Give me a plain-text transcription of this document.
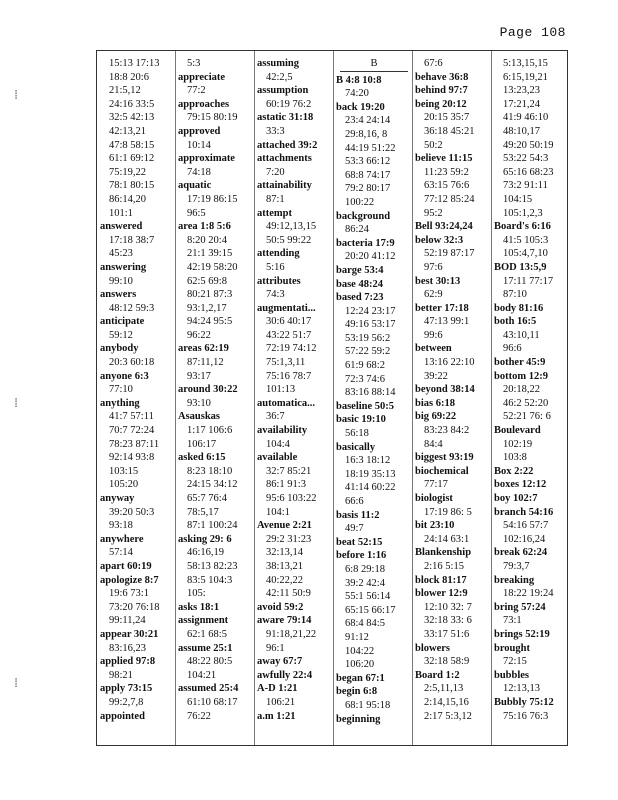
Page 108
⁞
⁞
⁞
15:13 17:13
18:8 20:6
21:5,12
24:16 33:5
32:5 42:13
42:13,21
47:8 58:15
61:1 69:12
75:19,22
78:1 80:15
86:14,20
101:1
answered
17:18 38:7
45:23
answering
99:10
answers
48:12 59:3
anticipate
59:12
anybody
20:3 60:18
anyone 6:3
77:10
anything
41:7 57:11
70:7 72:24
78:23 87:11
92:14 93:8
103:15
105:20
anyway
39:20 50:3
93:18
anywhere
57:14
apart 60:19
apologize 8:7
19:6 73:1
73:20 76:18
99:11,24
appear 30:21
83:16,23
applied 97:8
98:21
apply 73:15
99:2,7,8
appointed
5:3
appreciate
77:2
approaches
79:15 80:19
approved
10:14
approximate
74:18
aquatic
17:19 86:15
96:5
area 1:8 5:6
8:20 20:4
21:1 39:15
42:19 58:20
62:5 69:8
80:21 87:3
93:1,2,17
94:24 95:5
96:22
areas 62:19
87:11,12
93:17
around 30:22
93:10
Asauskas
1:17 106:6
106:17
asked 6:15
8:23 18:10
24:15 34:12
65:7 76:4
78:5,17
87:1 100:24
asking 29: 6
46:16,19
58:13 82:23
83:5 104:3
105:
asks 18:1
assignment
62:1 68:5
assume 25:1
48:22 80:5
104:21
assumed 25:4
61:10 68:17
76:22
assuming
42:2,5
assumption
60:19 76:2
astatic 31:18
33:3
attached 39:2
attachments
7:20
attainability
87:1
attempt
49:12,13,15
50:5 99:22
attending
5:16
attributes
74:3
augmentati...
30:6 40:17
43:22 51:7
72:19 74:12
75:1,3,11
75:16 78:7
101:13
automatica...
36:7
availability
104:4
available
32:7 85:21
86:1 91:3
95:6 103:22
104:1
Avenue 2:21
29:2 31:23
32:13,14
38:13,21
40:22,22
42:11 50:9
avoid 59:2
aware 79:14
91:18,21,22
96:1
away 67:7
awfully 22:4
A-D 1:21
106:21
a.m 1:21
B
B 4:8 10:8
74:20
back 19:20
23:4 24:14
29:8,16, 8
44:19 51:22
53:3 66:12
68:8 74:17
79:2 80:17
100:22
background
86:24
bacteria 17:9
20:20 41:12
barge 53:4
base 48:24
based 7:23
12:24 23:17
49:16 53:17
53:19 56:2
57:22 59:2
61:9 68:2
72:3 74:6
83:16 88:14
baseline 50:5
basic 19:10
56:18
basically
16:3 18:12
18:19 35:13
41:14 60:22
66:6
basis 11:2
49:7
beat 52:15
before 1:16
6:8 29:18
39:2 42:4
55:1 56:14
65:15 66:17
68:4 84:5
91:12
104:22
106:20
began 67:1
begin 6:8
68:1 95:18
beginning
67:6
behave 36:8
behind 97:7
being 20:12
20:15 35:7
36:18 45:21
50:2
believe 11:15
11:23 59:2
63:15 76:6
77:12 85:24
95:2
Bell 93:24,24
below 32:3
52:19 87:17
97:6
best 30:13
62:9
better 17:18
47:13 99:1
99:6
between
13:16 22:10
39:22
beyond 38:14
bias 6:18
big 69:22
83:23 84:2
84:4
biggest 93:19
biochemical
77:17
biologist
17:19 86: 5
bit 23:10
24:14 63:1
Blankenship
2:16 5:15
block 81:17
blower 12:9
12:10 32: 7
32:18 33: 6
33:17 51:6
blowers
32:18 58:9
Board 1:2
2:5,11,13
2:14,15,16
2:17 5:3,12
5:13,15,15
6:15,19,21
13:23,23
17:21,24
41:9 46:10
48:10,17
49:20 50:19
53:22 54:3
65:16 68:23
73:2 91:11
104:15
105:1,2,3
Board's 6:16
41:5 105:3
105:4,7,10
BOD 13:5,9
17:11 77:17
87:10
body 81:16
both 16:5
43:10,11
96:6
bother 45:9
bottom 12:9
20:18,22
46:2 52:20
52:21 76: 6
Boulevard
102:19
103:8
Box 2:22
boxes 12:12
boy 102:7
branch 54:16
54:16 57:7
102:16,24
break 62:24
79:3,7
breaking
18:22 19:24
bring 57:24
73:1
brings 52:19
brought
72:15
bubbles
12:13,13
Bubbly 75:12
75:16 76:3
